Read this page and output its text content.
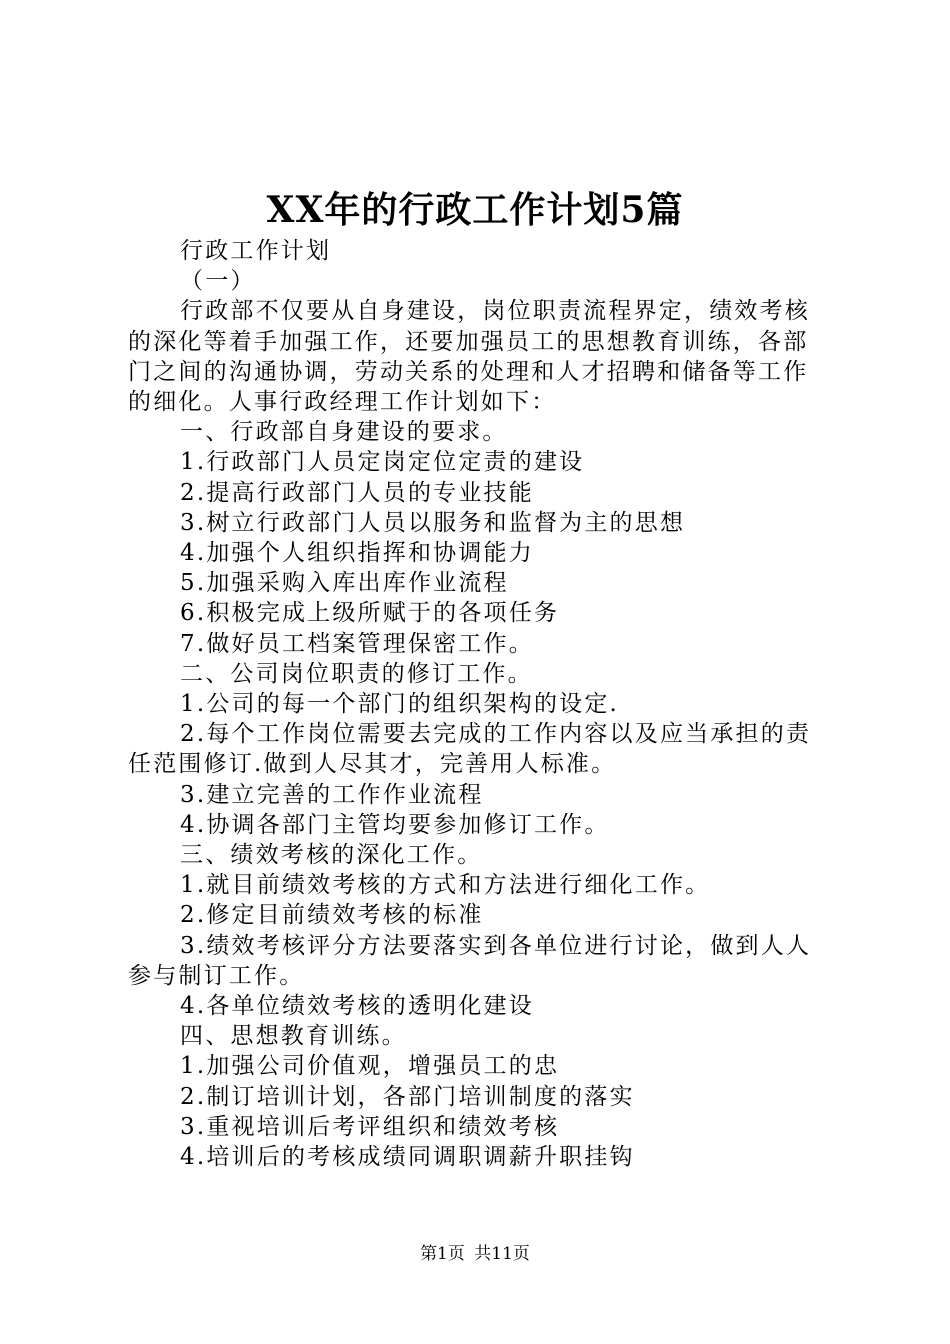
XX年的行政工作计划5篇
行政工作计划
（一）
行政部不仅要从自身建设，岗位职责流程界定，绩效考核
的深化等着手加强工作，还要加强员工的思想教育训练，各部
门之间的沟通协调，劳动关系的处理和人才招聘和储备等工作
的细化。人事行政经理工作计划如下：
一、行政部自身建设的要求。
1.行政部门人员定岗定位定责的建设
2.提高行政部门人员的专业技能
3.树立行政部门人员以服务和监督为主的思想
4.加强个人组织指挥和协调能力
5.加强采购入库出库作业流程
6.积极完成上级所赋于的各项任务
7.做好员工档案管理保密工作。
二、公司岗位职责的修订工作。
1.公司的每一个部门的组织架构的设定.
2.每个工作岗位需要去完成的工作内容以及应当承担的责
任范围修订.做到人尽其才，完善用人标准。
3.建立完善的工作作业流程
4.协调各部门主管均要参加修订工作。
三、绩效考核的深化工作。
1.就目前绩效考核的方式和方法进行细化工作。
2.修定目前绩效考核的标准
3.绩效考核评分方法要落实到各单位进行讨论，做到人人
参与制订工作。
4.各单位绩效考核的透明化建设
四、思想教育训练。
1.加强公司价值观，增强员工的忠
2.制订培训计划，各部门培训制度的落实
3.重视培训后考评组织和绩效考核
4.培训后的考核成绩同调职调薪升职挂钩
第1页 共11页
